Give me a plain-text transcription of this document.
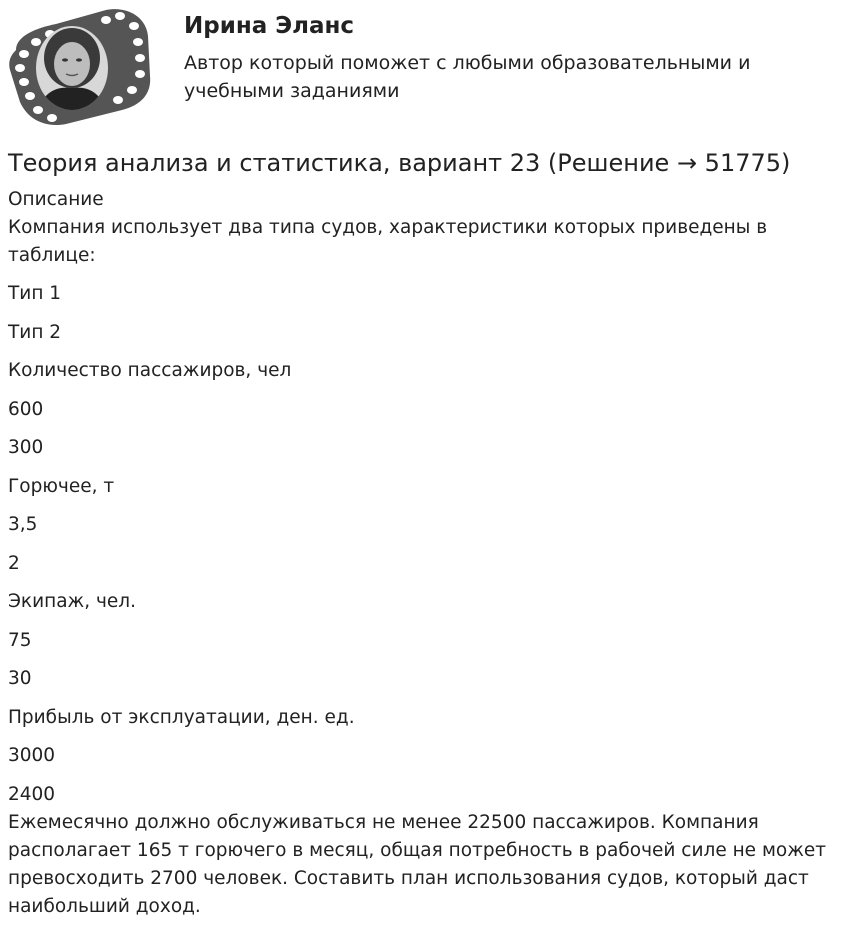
Ирина Эланс
Автор который поможет с любыми образовательными и учебными заданиями
Теория анализа и статистика, вариант 23 (Решение → 51775)

Описание

Компания использует два типа судов, характеристики которых приведены в таблице:

Тип 1

Тип 2

Количество пассажиров, чел

600

300

Горючее, т

3,5

2

Экипаж, чел.

75

30

Прибыль от эксплуатации, ден. ед.

3000

2400

Ежемесячно должно обслуживаться не менее 22500 пассажиров. Компания располагает 165 т горючего в месяц, общая потребность в рабочей силе не может превосходить 2700 человек. Составить план использования судов, который даст наибольший доход.
